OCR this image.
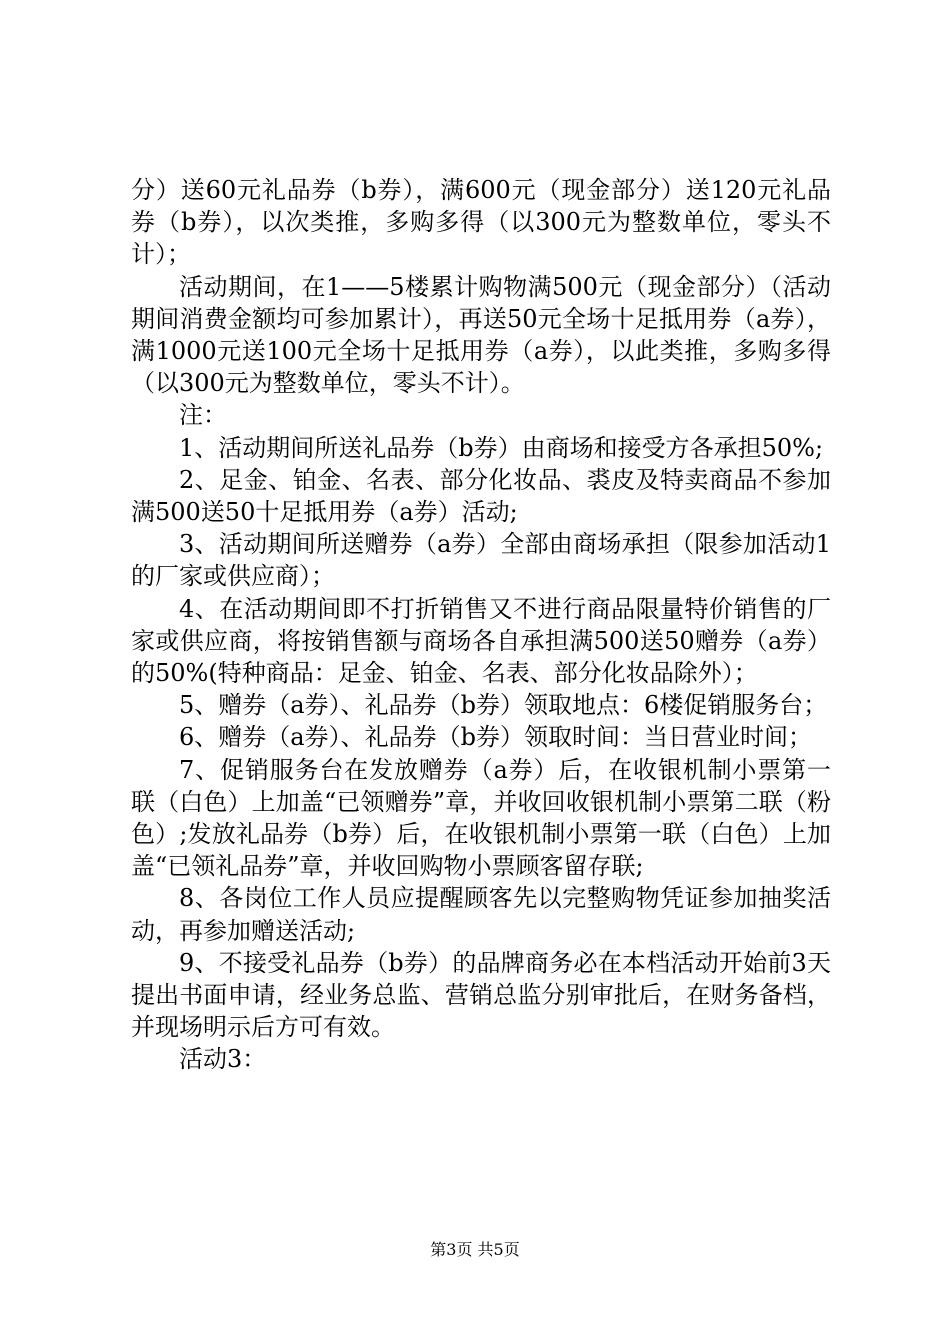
分）送60元礼品券（b券），满600元（现金部分）送120元礼品券（b券），以次类推，多购多得（以300元为整数单位，零头不计）；

活动期间，在1——5楼累计购物满500元（现金部分）（活动期间消费金额均可参加累计），再送50元全场十足抵用券（a券），满1000元送100元全场十足抵用券（a券），以此类推，多购多得（以300元为整数单位，零头不计）。

注：

1、活动期间所送礼品券（b券）由商场和接受方各承担50%;

2、足金、铂金、名表、部分化妆品、裘皮及特卖商品不参加满500送50十足抵用券（a券）活动;

3、活动期间所送赠券（a券）全部由商场承担（限参加活动1的厂家或供应商）；

4、在活动期间即不打折销售又不进行商品限量特价销售的厂家或供应商，将按销售额与商场各自承担满500送50赠券（a券）的50%(特种商品：足金、铂金、名表、部分化妆品除外）；

5、赠券（a券）、礼品券（b券）领取地点：6楼促销服务台；

6、赠券（a券）、礼品券（b券）领取时间：当日营业时间；

7、促销服务台在发放赠券（a券）后，在收银机制小票第一联（白色）上加盖“已领赠券”章，并收回收银机制小票第二联（粉色）;发放礼品券（b券）后，在收银机制小票第一联（白色）上加盖“已领礼品券”章，并收回购物小票顾客留存联;

8、各岗位工作人员应提醒顾客先以完整购物凭证参加抽奖活动，再参加赠送活动;

9、不接受礼品券（b券）的品牌商务必在本档活动开始前3天提出书面申请，经业务总监、营销总监分别审批后，在财务备档，并现场明示后方可有效。

活动3：

第3页 共5页
